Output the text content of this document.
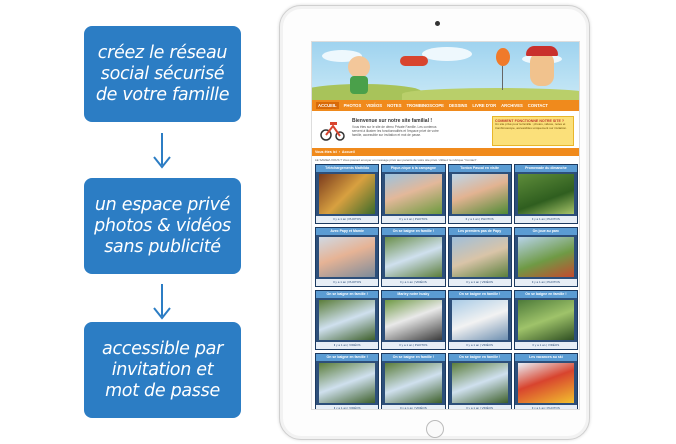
créez le réseau
social sécurisé
de votre famille
un espace privé
photos & vidéos
sans publicité
accessible par
invitation et
mot de passe
ACCUEIL	PHOTOS VIDÉOS NOTES TROMBINOSCOPE DESSINS LIVRE D'OR ARCHIVES CONTACT
Bienvenue sur notre site familial !
Vous êtes sur le site de démo Private Famille. Les contenus servent à illustrer les fonctionnalités et l'espace privé de votre famille, accessible sur invitation et mot de passe.
COMMENT FONCTIONNE NOTRE SITE ?
Un site privé pour la famille : photos, vidéos, notes et trombinoscope, accessibles uniquement sur invitation.
Vous êtes ici › Accueil
LE SAVIEZ-VOUS ? Vous pouvez envoyer un message privé aux parents de votre site privé. Utilisez la rubrique "Contact".
Téléchargements Mathilda
Il y a 1 an | PHOTOS
Pique-nique à la campagne
Il y a 1 an | PHOTOS
Tonton Pascal en visite
Il y a 1 an | PHOTOS
Promenade du dimanche
Il y a 1 an | PHOTOS
Avec Papy et Mamie
Il y a 1 an | PHOTOS
On se baigne en famille !
Il y a 1 an | VIDÉOS
Les premiers pas de Papy
Il y a 1 an | VIDÉOS
On joue au parc
Il y a 1 an | PHOTOS
On se baigne en famille !
Il y a 1 an | VIDÉOS
Marley notre husky
Il y a 1 an | PHOTOS
On se baigne en famille !
Il y a 1 an | VIDÉOS
On se baigne en famille !
Il y a 1 an | VIDÉOS
On se baigne en famille !
Il y a 1 an | VIDÉOS
On se baigne en famille !
Il y a 1 an | VIDÉOS
On se baigne en famille !
Il y a 1 an | VIDÉOS
Les vacances au ski
Il y a 1 an | PHOTOS
